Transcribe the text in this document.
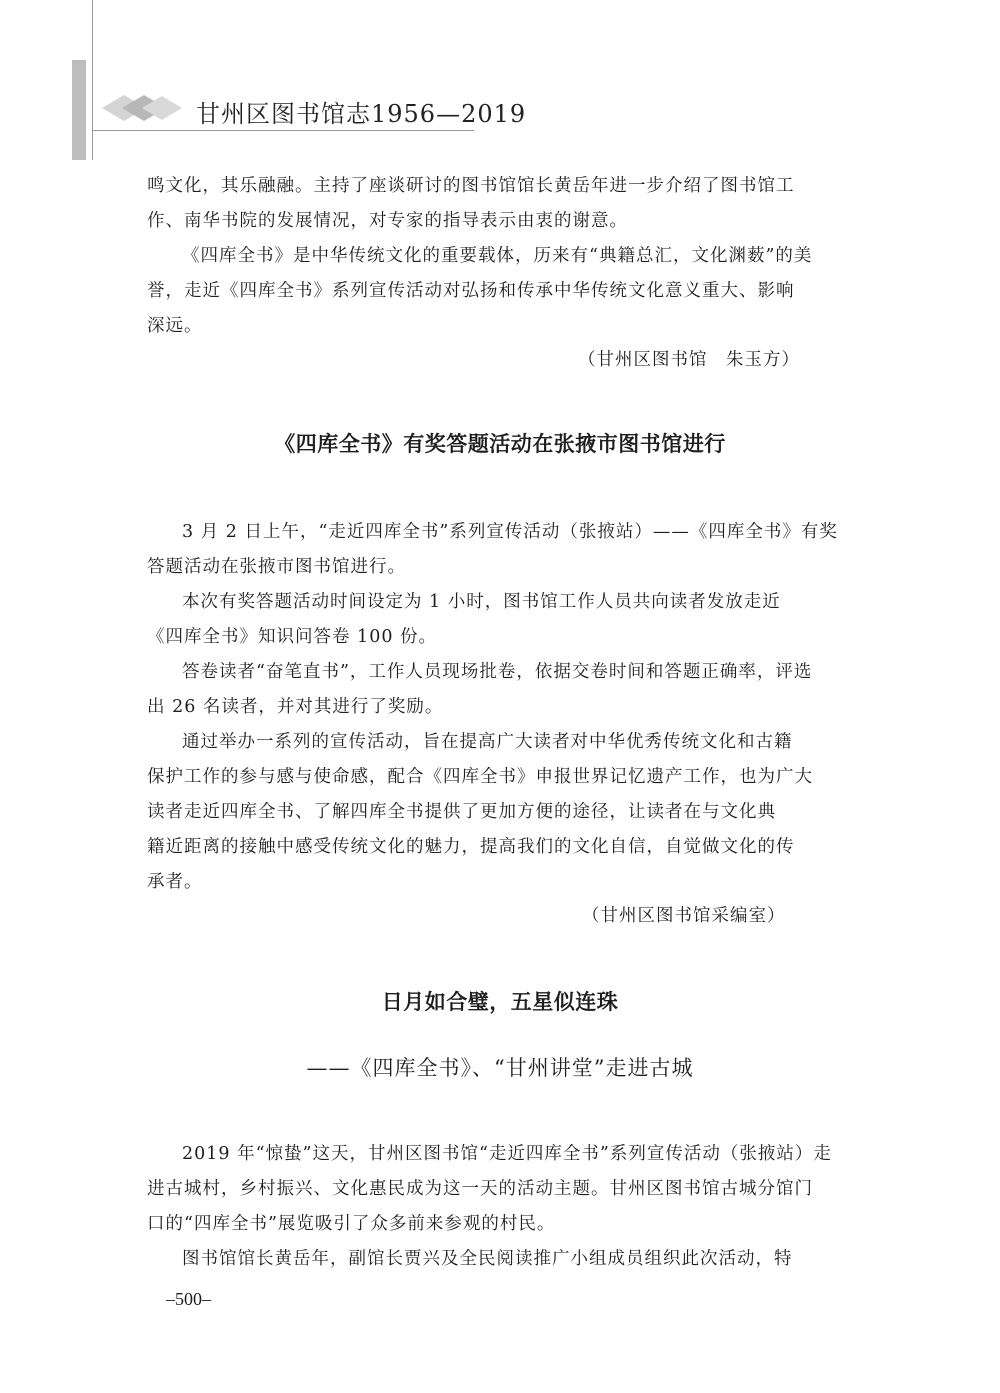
甘州区图书馆志1956—2019

鸣文化，其乐融融。主持了座谈研讨的图书馆馆长黄岳年进一步介绍了图书馆工

作、南华书院的发展情况，对专家的指导表示由衷的谢意。

《四库全书》是中华传统文化的重要载体，历来有“典籍总汇，文化渊薮”的美

誉，走近《四库全书》系列宣传活动对弘扬和传承中华传统文化意义重大、影响

深远。

（甘州区图书馆　朱玉方）

《四库全书》有奖答题活动在张掖市图书馆进行

3 月 2 日上午，“走近四库全书”系列宣传活动（张掖站）——《四库全书》有奖

答题活动在张掖市图书馆进行。

本次有奖答题活动时间设定为 1 小时，图书馆工作人员共向读者发放走近

《四库全书》知识问答卷 100 份。

答卷读者“奋笔直书”，工作人员现场批卷，依据交卷时间和答题正确率，评选

出 26 名读者，并对其进行了奖励。

通过举办一系列的宣传活动，旨在提高广大读者对中华优秀传统文化和古籍

保护工作的参与感与使命感，配合《四库全书》申报世界记忆遗产工作，也为广大

读者走近四库全书、了解四库全书提供了更加方便的途径，让读者在与文化典

籍近距离的接触中感受传统文化的魅力，提高我们的文化自信，自觉做文化的传

承者。

（甘州区图书馆采编室）

日月如合璧，五星似连珠

——《四库全书》、“甘州讲堂”走进古城

2019 年“惊蛰”这天，甘州区图书馆“走近四库全书”系列宣传活动（张掖站）走

进古城村，乡村振兴、文化惠民成为这一天的活动主题。甘州区图书馆古城分馆门

口的“四库全书”展览吸引了众多前来参观的村民。

图书馆馆长黄岳年，副馆长贾兴及全民阅读推广小组成员组织此次活动，特

–500–
